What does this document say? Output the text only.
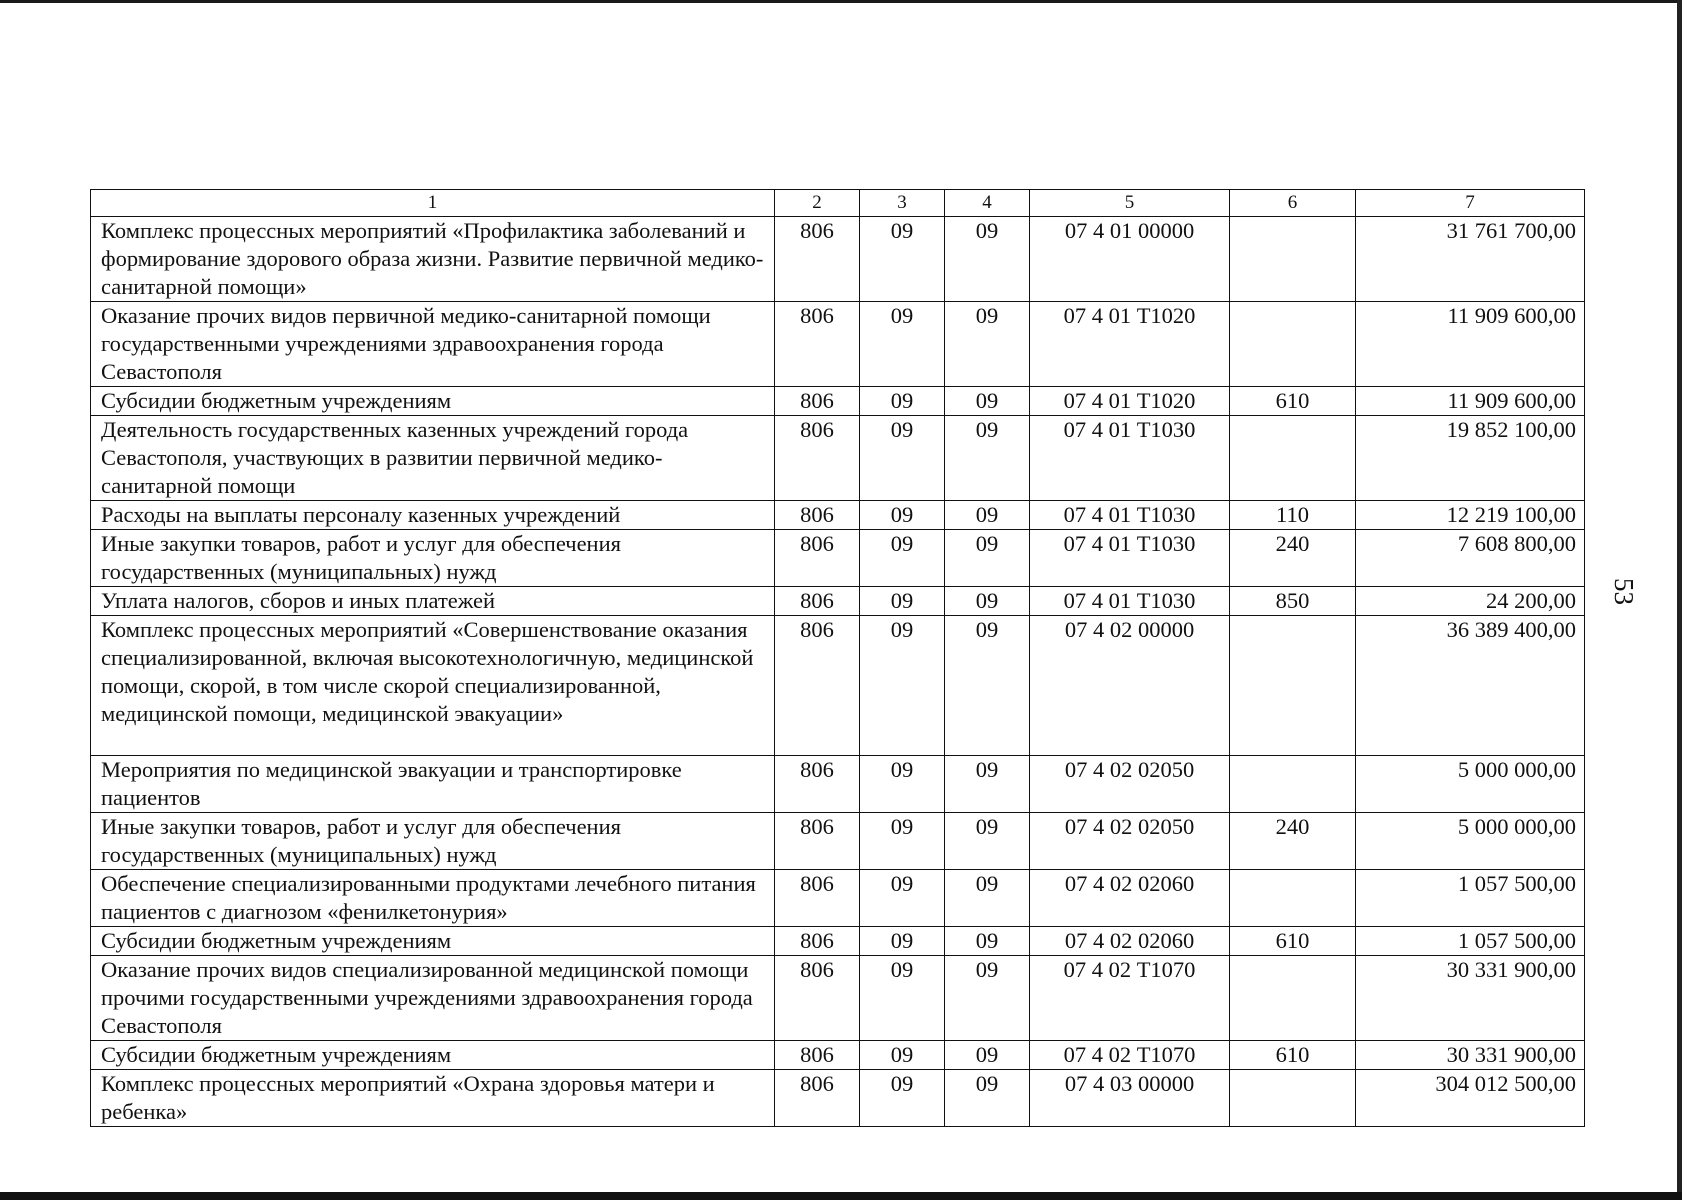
53
1	2	3	4	5	6	7
Комплекс процессных мероприятий «Профилактика заболеваний и формирование здорового образа жизни. Развитие первичной медико-санитарной помощи»	806	09	09	07 4 01 00000		31 761 700,00
Оказание прочих видов первичной медико-санитарной помощи государственными учреждениями здравоохранения города Севастополя	806	09	09	07 4 01 Т1020		11 909 600,00
Субсидии бюджетным учреждениям	806	09	09	07 4 01 Т1020	610	11 909 600,00
Деятельность государственных казенных учреждений города Севастополя, участвующих в развитии первичной медико-санитарной помощи	806	09	09	07 4 01 Т1030		19 852 100,00
Расходы на выплаты персоналу казенных учреждений	806	09	09	07 4 01 Т1030	110	12 219 100,00
Иные закупки товаров, работ и услуг для обеспечения государственных (муниципальных) нужд	806	09	09	07 4 01 Т1030	240	7 608 800,00
Уплата налогов, сборов и иных платежей	806	09	09	07 4 01 Т1030	850	24 200,00
Комплекс процессных мероприятий «Совершенствование оказания специализированной, включая высокотехнологичную, медицинской помощи, скорой, в том числе скорой специализированной, медицинской помощи, медицинской эвакуации»	806	09	09	07 4 02 00000		36 389 400,00
Мероприятия по медицинской эвакуации и транспортировке пациентов	806	09	09	07 4 02 02050		5 000 000,00
Иные закупки товаров, работ и услуг для обеспечения государственных (муниципальных) нужд	806	09	09	07 4 02 02050	240	5 000 000,00
Обеспечение специализированными продуктами лечебного питания пациентов с диагнозом «фенилкетонурия»	806	09	09	07 4 02 02060		1 057 500,00
Субсидии бюджетным учреждениям	806	09	09	07 4 02 02060	610	1 057 500,00
Оказание прочих видов специализированной медицинской помощи прочими государственными учреждениями здравоохранения города Севастополя	806	09	09	07 4 02 Т1070		30 331 900,00
Субсидии бюджетным учреждениям	806	09	09	07 4 02 Т1070	610	30 331 900,00
Комплекс процессных мероприятий «Охрана здоровья матери и ребенка»	806	09	09	07 4 03 00000		304 012 500,00
